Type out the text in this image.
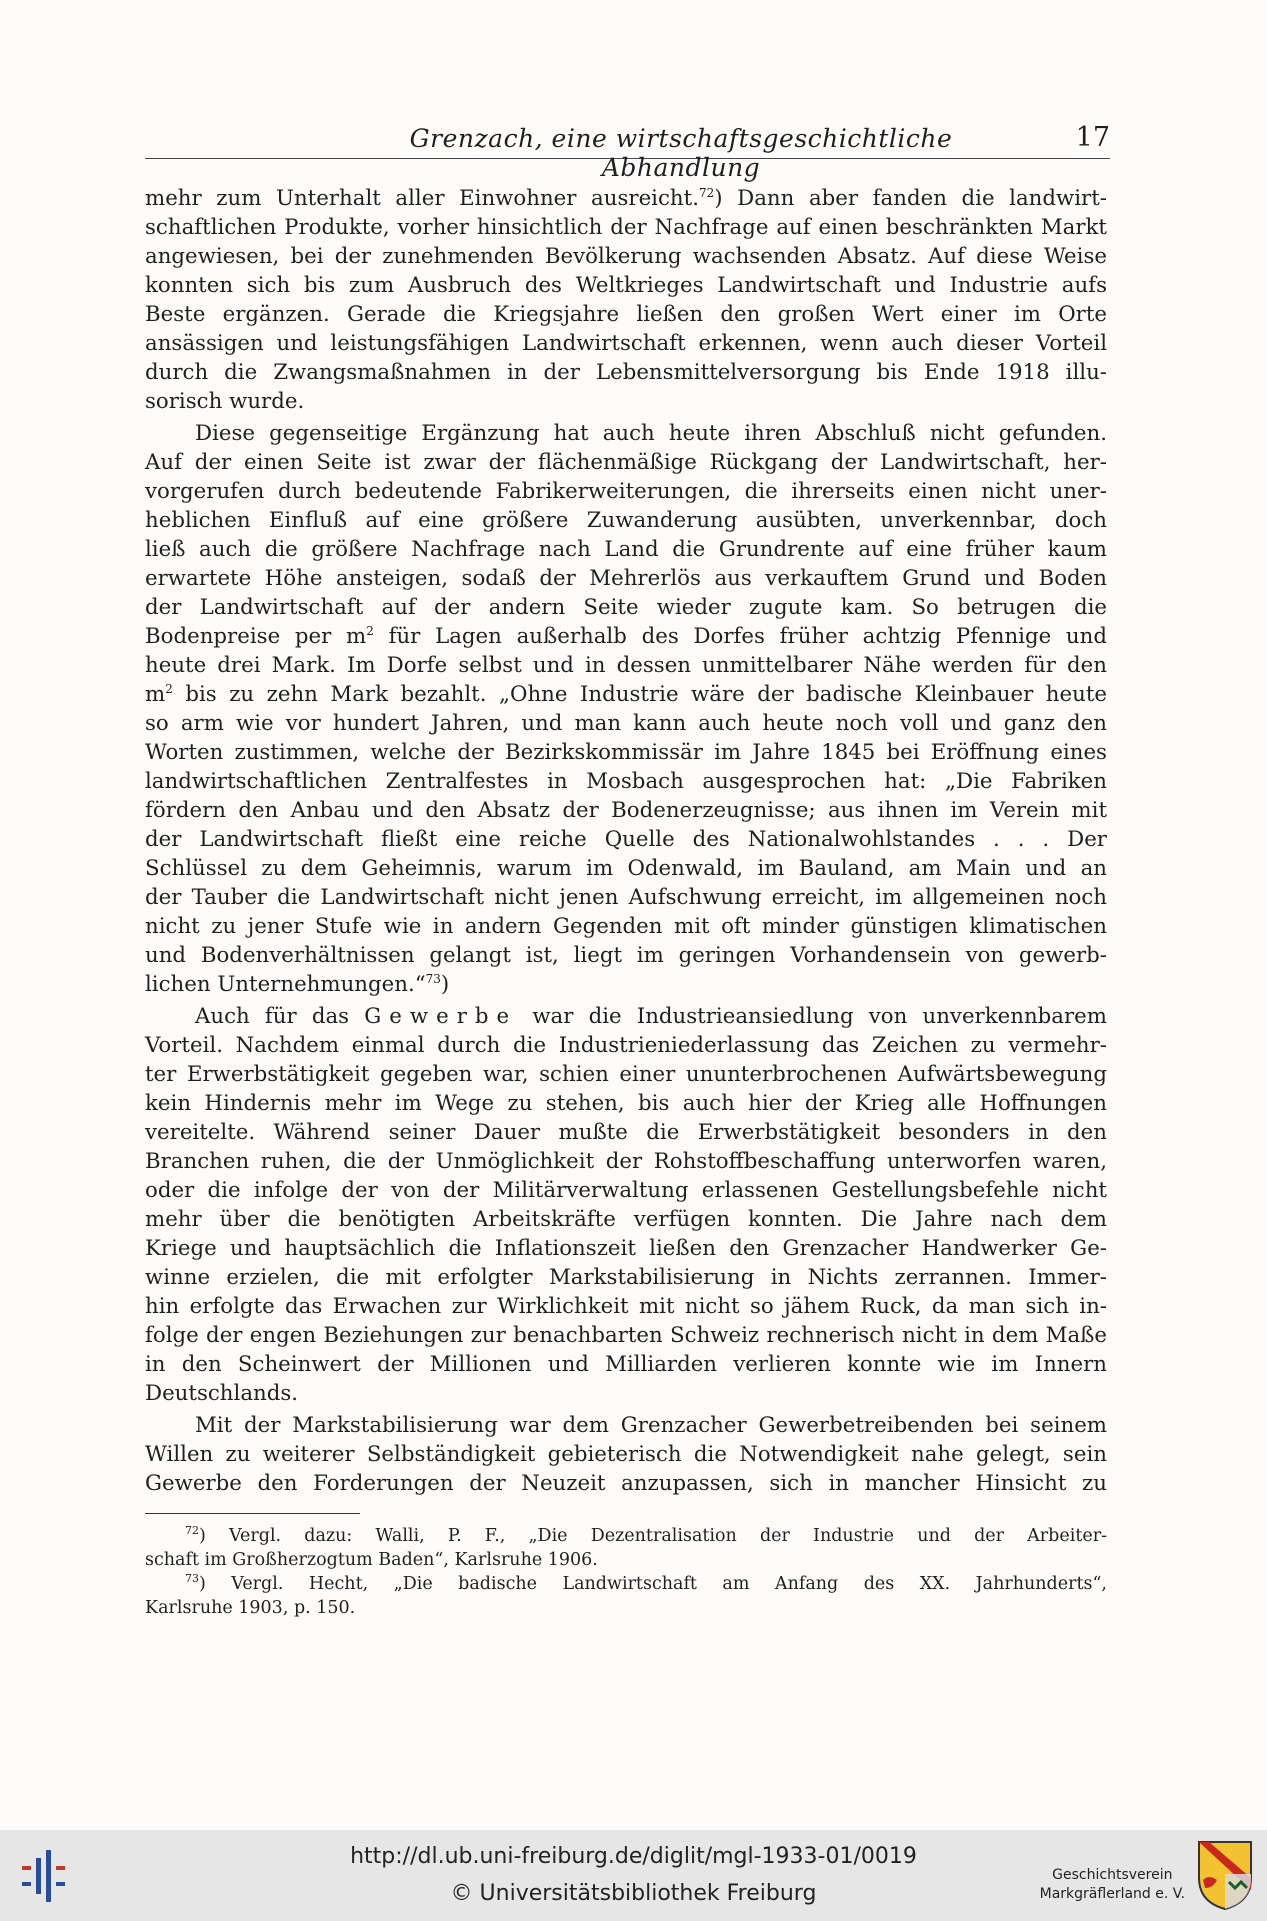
Grenzach, eine wirtschaftsgeschichtliche Abhandlung
17
mehr zum Unterhalt aller Einwohner ausreicht.$^{72}$) Dann aber fanden die landwirt-
schaftlichen Produkte, vorher hinsichtlich der Nachfrage auf einen beschränkten Markt
angewiesen, bei der zunehmenden Bevölkerung wachsenden Absatz. Auf diese Weise
konnten sich bis zum Ausbruch des Weltkrieges Landwirtschaft und Industrie aufs
Beste ergänzen. Gerade die Kriegsjahre ließen den großen Wert einer im Orte
ansässigen und leistungsfähigen Landwirtschaft erkennen, wenn auch dieser Vorteil
durch die Zwangsmaßnahmen in der Lebensmittelversorgung bis Ende 1918 illu-
sorisch wurde.
Diese gegenseitige Ergänzung hat auch heute ihren Abschluß nicht gefunden.
Auf der einen Seite ist zwar der flächenmäßige Rückgang der Landwirtschaft, her-
vorgerufen durch bedeutende Fabrikerweiterungen, die ihrerseits einen nicht uner-
heblichen Einfluß auf eine größere Zuwanderung ausübten, unverkennbar, doch
ließ auch die größere Nachfrage nach Land die Grundrente auf eine früher kaum
erwartete Höhe ansteigen, sodaß der Mehrerlös aus verkauftem Grund und Boden
der Landwirtschaft auf der andern Seite wieder zugute kam. So betrugen die
Bodenpreise per $m^2$ für Lagen außerhalb des Dorfes früher achtzig Pfennige und
heute drei Mark. Im Dorfe selbst und in dessen unmittelbarer Nähe werden für den
$m^2$ bis zu zehn Mark bezahlt. „Ohne Industrie wäre der badische Kleinbauer heute
so arm wie vor hundert Jahren, und man kann auch heute noch voll und ganz den
Worten zustimmen, welche der Bezirkskommissär im Jahre 1845 bei Eröffnung eines
landwirtschaftlichen Zentralfestes in Mosbach ausgesprochen hat: „Die Fabriken
fördern den Anbau und den Absatz der Bodenerzeugnisse; aus ihnen im Verein mit
der Landwirtschaft fließt eine reiche Quelle des Nationalwohlstandes . . . Der
Schlüssel zu dem Geheimnis, warum im Odenwald, im Bauland, am Main und an
der Tauber die Landwirtschaft nicht jenen Aufschwung erreicht, im allgemeinen noch
nicht zu jener Stufe wie in andern Gegenden mit oft minder günstigen klimatischen
und Bodenverhältnissen gelangt ist, liegt im geringen Vorhandensein von gewerb-
lichen Unternehmungen.“$^{73}$)
Auch für das Gewerbe war die Industrieansiedlung von unverkennbarem
Vorteil. Nachdem einmal durch die Industrieniederlassung das Zeichen zu vermehr-
ter Erwerbstätigkeit gegeben war, schien einer ununterbrochenen Aufwärtsbewegung
kein Hindernis mehr im Wege zu stehen, bis auch hier der Krieg alle Hoffnungen
vereitelte. Während seiner Dauer mußte die Erwerbstätigkeit besonders in den
Branchen ruhen, die der Unmöglichkeit der Rohstoffbeschaffung unterworfen waren,
oder die infolge der von der Militärverwaltung erlassenen Gestellungsbefehle nicht
mehr über die benötigten Arbeitskräfte verfügen konnten. Die Jahre nach dem
Kriege und hauptsächlich die Inflationszeit ließen den Grenzacher Handwerker Ge-
winne erzielen, die mit erfolgter Markstabilisierung in Nichts zerrannen. Immer-
hin erfolgte das Erwachen zur Wirklichkeit mit nicht so jähem Ruck, da man sich in-
folge der engen Beziehungen zur benachbarten Schweiz rechnerisch nicht in dem Maße
in den Scheinwert der Millionen und Milliarden verlieren konnte wie im Innern
Deutschlands.
Mit der Markstabilisierung war dem Grenzacher Gewerbetreibenden bei seinem
Willen zu weiterer Selbständigkeit gebieterisch die Notwendigkeit nahe gelegt, sein
Gewerbe den Forderungen der Neuzeit anzupassen, sich in mancher Hinsicht zu
$^{72}$) Vergl. dazu: Walli, P. F., „Die Dezentralisation der Industrie und der Arbeiter-
schaft im Großherzogtum Baden“, Karlsruhe 1906.
$^{73}$) Vergl. Hecht, „Die badische Landwirtschaft am Anfang des XX. Jahrhunderts“,
Karlsruhe 1903, p. 150.
http://dl.ub.uni-freiburg.de/diglit/mgl-1933-01/0019
© Universitätsbibliothek Freiburg
Geschichtsverein
Markgräflerland e. V.
